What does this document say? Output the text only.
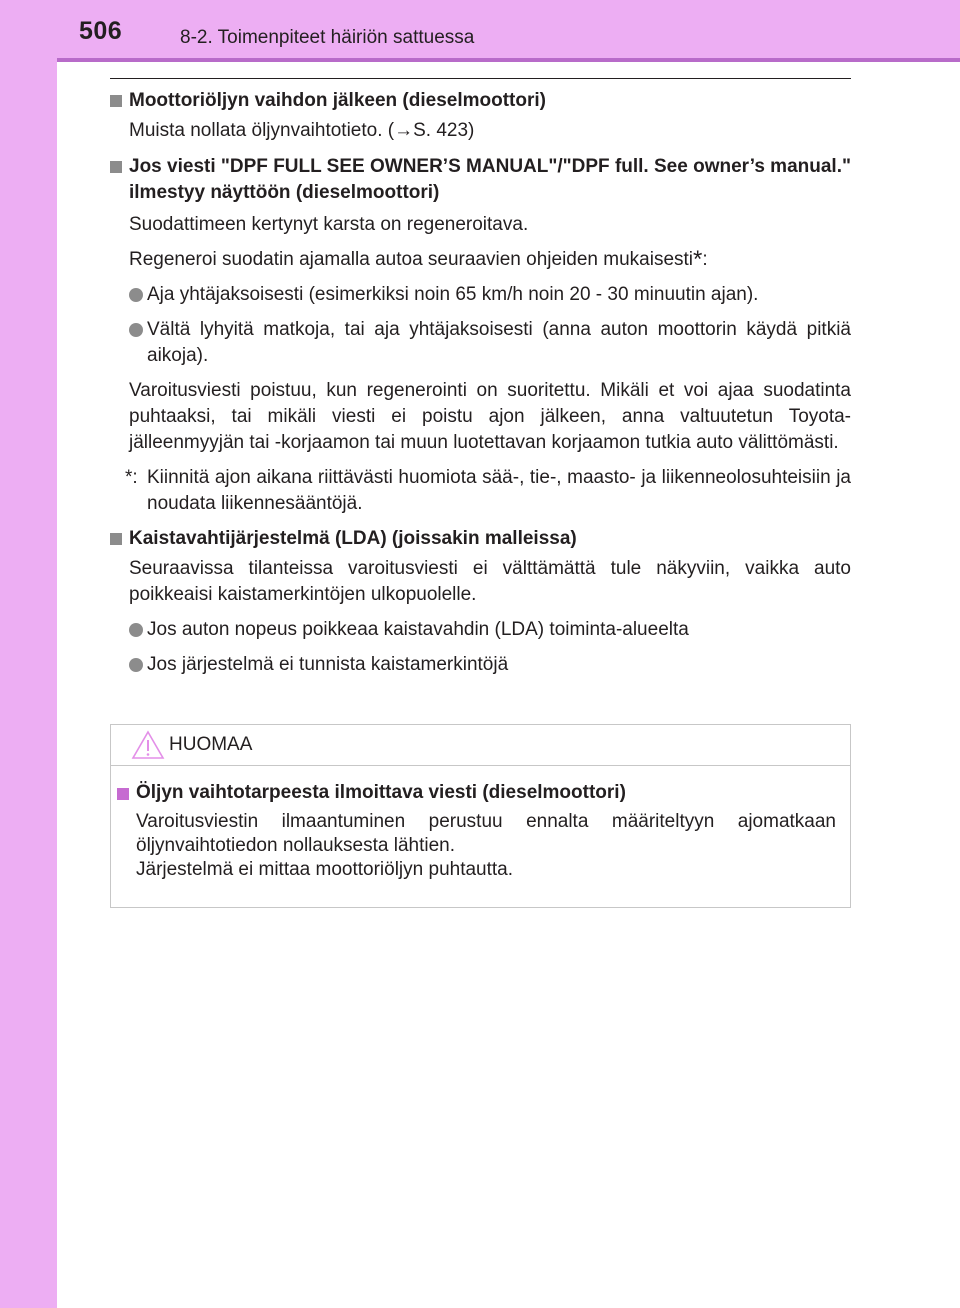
506	8-2. Toimenpiteet häiriön sattuessa
Moottoriöljyn vaihdon jälkeen (dieselmoottori)
Muista nollata öljynvaihtotieto. (→S. 423)
Jos viesti "DPF FULL SEE OWNER’S MANUAL"/"DPF full. See owner’s manual." ilmestyy näyttöön (dieselmoottori)
Suodattimeen kertynyt karsta on regeneroitava.
Regeneroi suodatin ajamalla autoa seuraavien ohjeiden mukaisesti*:
Aja yhtäjaksoisesti (esimerkiksi noin 65 km/h noin 20 - 30 minuutin ajan).
Vältä lyhyitä matkoja, tai aja yhtäjaksoisesti (anna auton moottorin käydä pitkiä aikoja).
Varoitusviesti poistuu, kun regenerointi on suoritettu. Mikäli et voi ajaa suodatinta puhtaaksi, tai mikäli viesti ei poistu ajon jälkeen, anna valtuutetun Toyota-jälleenmyyjän tai -korjaamon tai muun luotettavan korjaamon tutkia auto välittömästi.
*: Kiinnitä ajon aikana riittävästi huomiota sää-, tie-, maasto- ja liikenneolosuhteisiin ja noudata liikennesääntöjä.
Kaistavahtijärjestelmä (LDA) (joissakin malleissa)
Seuraavissa tilanteissa varoitusviesti ei välttämättä tule näkyviin, vaikka auto poikkeaisi kaistamerkintöjen ulkopuolelle.
Jos auton nopeus poikkeaa kaistavahdin (LDA) toiminta-alueelta
Jos järjestelmä ei tunnista kaistamerkintöjä
HUOMAA
Öljyn vaihtotarpeesta ilmoittava viesti (dieselmoottori)
Varoitusviestin ilmaantuminen perustuu ennalta määriteltyyn ajomatkaan öljynvaihtotiedon nollauksesta lähtien.
Järjestelmä ei mittaa moottoriöljyn puhtautta.
